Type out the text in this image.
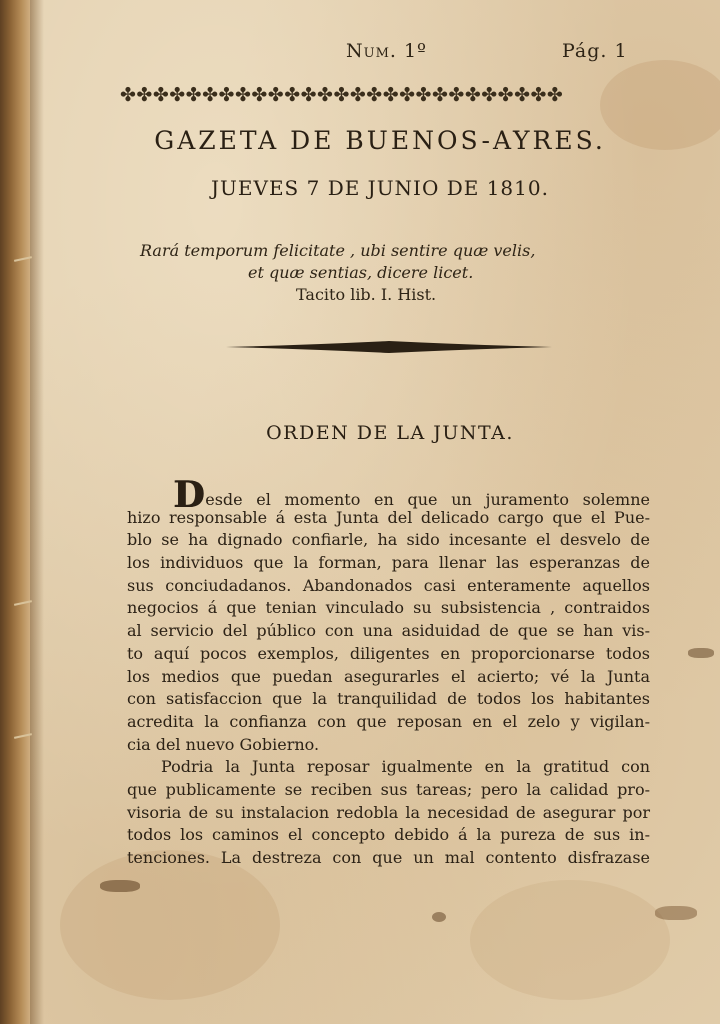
Num. 1º	Pág. 1
✤✤✤✤✤✤✤✤✤✤✤✤✤✤✤✤✤✤✤✤✤✤✤✤✤✤✤
GAZETA DE BUENOS-AYRES.
JUEVES 7 DE JUNIO DE 1810.
Rará temporum felicitate , ubi sentire quæ velis,
et quæ sentias, dicere licet.
Tacito lib. I. Hist.
ORDEN DE LA JUNTA.
Desde el momento en que un juramento solemne
hizo responsable á esta Junta del delicado cargo que el Pue-
blo se ha dignado confiarle, ha sido incesante el desvelo de
los individuos que la forman, para llenar las esperanzas de
sus conciudadanos. Abandonados casi enteramente aquellos
negocios á que tenian vinculado su subsistencia , contraidos
al servicio del público con una asiduidad de que se han vis-
to aquí pocos exemplos, diligentes en proporcionarse todos
los medios que puedan asegurarles el acierto; vé la Junta
con satisfaccion que la tranquilidad de todos los habitantes
acredita la confianza con que reposan en el zelo y vigilan-
cia del nuevo Gobierno.
Podria la Junta reposar igualmente en la gratitud con
que publicamente se reciben sus tareas; pero la calidad pro-
visoria de su instalacion redobla la necesidad de asegurar por
todos los caminos el concepto debido á la pureza de sus in-
tenciones. La destreza con que un mal contento disfrazase
